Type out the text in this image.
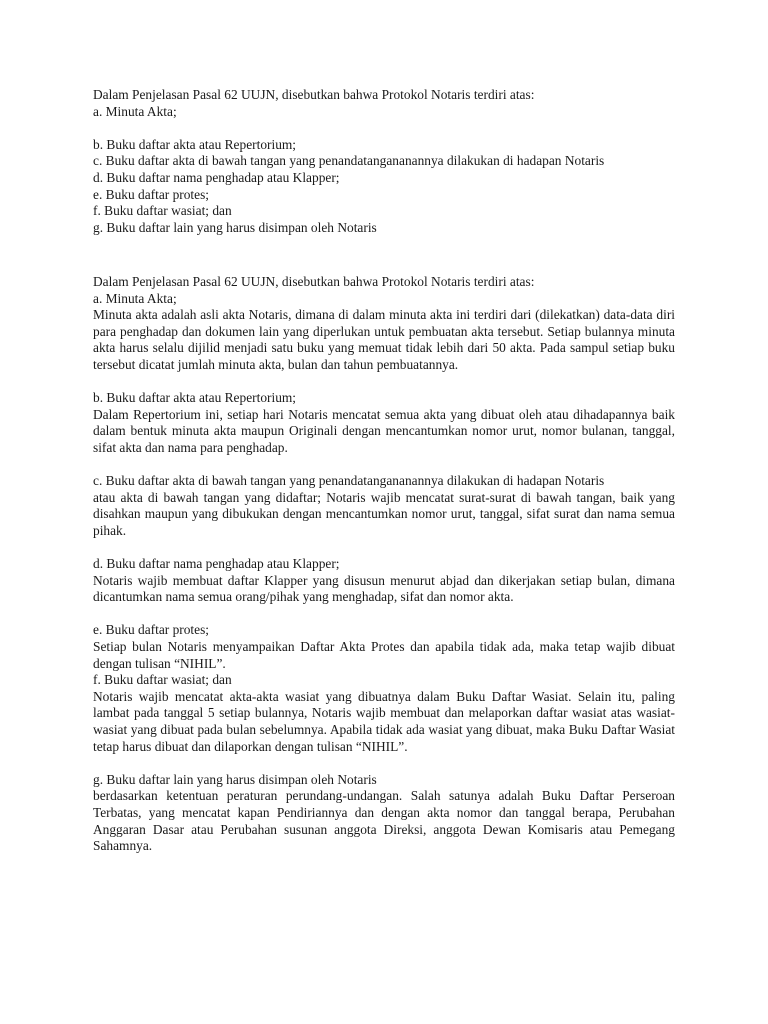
Dalam Penjelasan Pasal 62 UUJN, disebutkan bahwa Protokol Notaris terdiri atas:
a. Minuta Akta;
b. Buku daftar akta atau Repertorium;
c. Buku daftar akta di bawah tangan yang penandatangananannya dilakukan di hadapan Notaris
d. Buku daftar nama penghadap atau Klapper;
e. Buku daftar protes;
f. Buku daftar wasiat; dan
g. Buku daftar lain yang harus disimpan oleh Notaris
Dalam Penjelasan Pasal 62 UUJN, disebutkan bahwa Protokol Notaris terdiri atas:
a. Minuta Akta;
Minuta akta adalah asli akta Notaris, dimana di dalam minuta akta ini terdiri dari (dilekatkan) data-data diri para penghadap dan dokumen lain yang diperlukan untuk pembuatan akta tersebut. Setiap bulannya minuta akta harus selalu dijilid menjadi satu buku yang memuat tidak lebih dari 50 akta. Pada sampul setiap buku tersebut dicatat jumlah minuta akta, bulan dan tahun pembuatannya.
b. Buku daftar akta atau Repertorium;
Dalam Repertorium ini, setiap hari Notaris mencatat semua akta yang dibuat oleh atau dihadapannya baik dalam bentuk minuta akta maupun Originali dengan mencantumkan nomor urut, nomor bulanan, tanggal, sifat akta dan nama para penghadap.
c. Buku daftar akta di bawah tangan yang penandatangananannya dilakukan di hadapan Notaris
atau akta di bawah tangan yang didaftar; Notaris wajib mencatat surat-surat di bawah tangan, baik yang disahkan maupun yang dibukukan dengan mencantumkan nomor urut, tanggal, sifat surat dan nama semua pihak.
d. Buku daftar nama penghadap atau Klapper;
Notaris wajib membuat daftar Klapper yang disusun menurut abjad dan dikerjakan setiap bulan, dimana dicantumkan nama semua orang/pihak yang menghadap, sifat dan nomor akta.
e. Buku daftar protes;
Setiap bulan Notaris menyampaikan Daftar Akta Protes dan apabila tidak ada, maka tetap wajib dibuat dengan tulisan “NIHIL”.
f. Buku daftar wasiat; dan
Notaris wajib mencatat akta-akta wasiat yang dibuatnya dalam Buku Daftar Wasiat. Selain itu, paling lambat pada tanggal 5 setiap bulannya, Notaris wajib membuat dan melaporkan daftar wasiat atas wasiat-wasiat yang dibuat pada bulan sebelumnya. Apabila tidak ada wasiat yang dibuat, maka Buku Daftar Wasiat tetap harus dibuat dan dilaporkan dengan tulisan “NIHIL”.
g. Buku daftar lain yang harus disimpan oleh Notaris
berdasarkan ketentuan peraturan perundang-undangan. Salah satunya adalah Buku Daftar Perseroan Terbatas, yang mencatat kapan Pendiriannya dan dengan akta nomor dan tanggal berapa, Perubahan Anggaran Dasar atau Perubahan susunan anggota Direksi, anggota Dewan Komisaris atau Pemegang Sahamnya.
